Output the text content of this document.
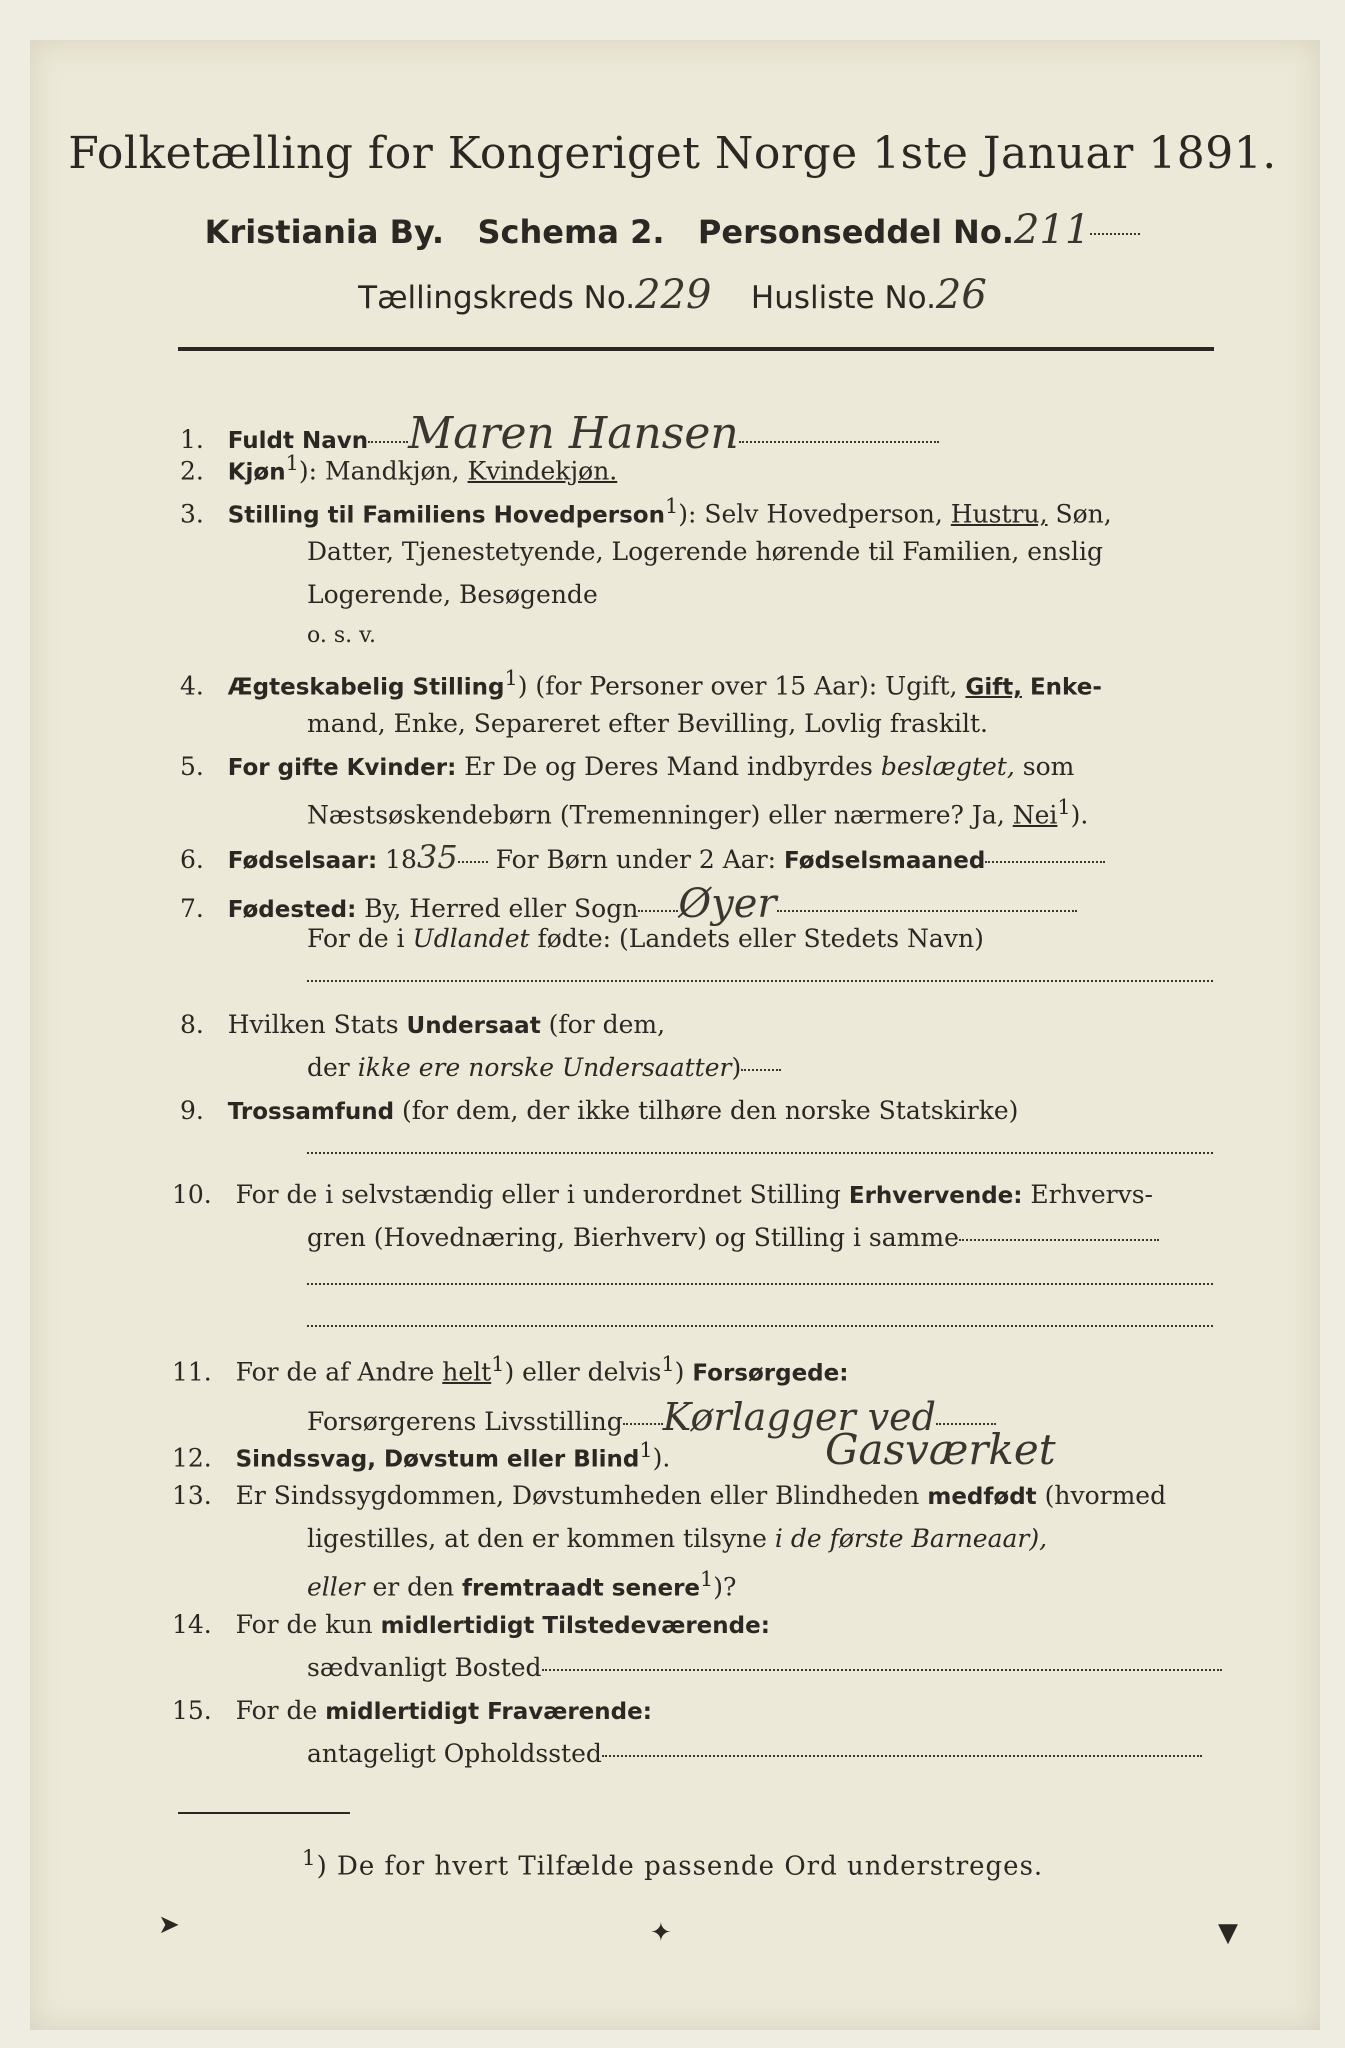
Folketælling for Kongeriget Norge 1ste Januar 1891.
Kristiania By. Schema 2. Personseddel No.211
Tællingskreds No.229 Husliste No.26
1. Fuldt Navn Maren Hansen
2. Kjøn$^1$): Mandkjøn, Kvindekjøn.
3. Stilling til Familiens Hovedperson$^1$): Selv Hovedperson, Hustru, Søn,
Datter, Tjenestetyende, Logerende hørende til Familien, enslig
Logerende, Besøgende
o. s. v.
4. Ægteskabelig Stilling$^1$) (for Personer over 15 Aar): Ugift, Gift, Enke-
mand, Enke, Separeret efter Bevilling, Lovlig fraskilt.
5. For gifte Kvinder: Er De og Deres Mand indbyrdes beslægtet, som
Næstsøskendebørn (Tremenninger) eller nærmere? Ja, Nei$^1$).
6. Fødselsaar: 1835 For Børn under 2 Aar: Fødselsmaaned
7. Fødested: By, Herred eller Sogn Øyer
For de i Udlandet fødte: (Landets eller Stedets Navn)
8. Hvilken Stats Undersaat (for dem,
der ikke ere norske Undersaatter)
9. Trossamfund (for dem, der ikke tilhøre den norske Statskirke)
10. For de i selvstændig eller i underordnet Stilling Erhvervende: Erhvervs-
gren (Hovednæring, Bierhverv) og Stilling i samme
11. For de af Andre helt$^1$) eller delvis$^1$) Forsørgede:
Forsørgerens Livsstilling Kørlagger ved
12. Sindssvag, Døvstum eller Blind$^1$).	Gasværket
13. Er Sindssygdommen, Døvstumheden eller Blindheden medfødt (hvormed
ligestilles, at den er kommen tilsyne i de første Barneaar),
eller er den fremtraadt senere$^1$)?
14. For de kun midlertidigt Tilstedeværende:
sædvanligt Bosted
15. For de midlertidigt Fraværende:
antageligt Opholdssted
$^1$) De for hvert Tilfælde passende Ord understreges.
➤	✦	▼
